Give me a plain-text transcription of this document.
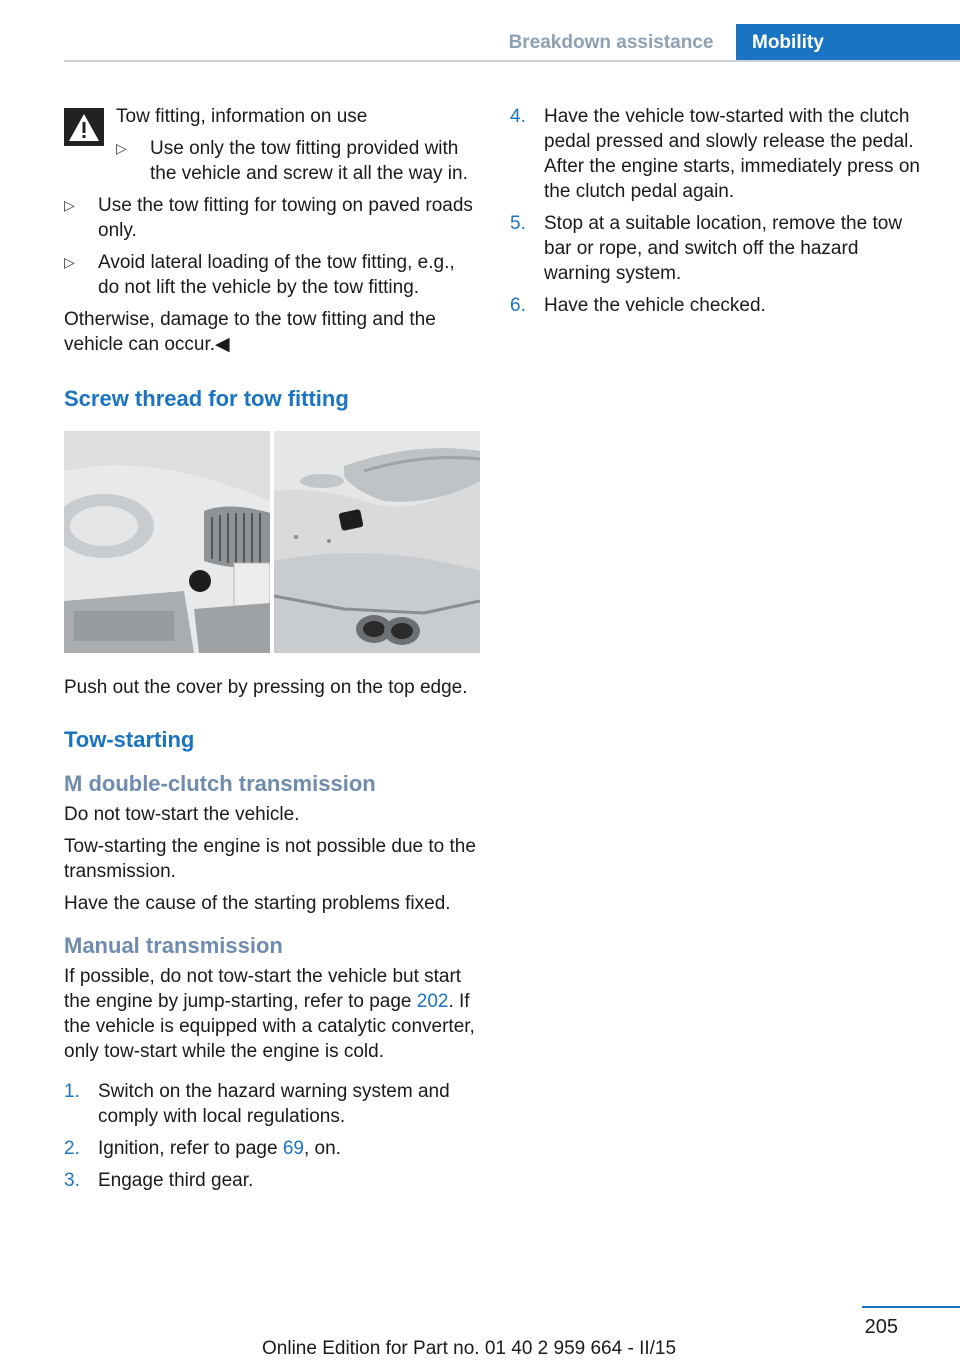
Breakdown assistance	Mobility
Tow fitting, information on use
▷ Use only the tow fitting provided with the vehicle and screw it all the way in.
▷ Use the tow fitting for towing on paved roads only.
▷ Avoid lateral loading of the tow fitting, e.g., do not lift the vehicle by the tow fitting.

Otherwise, damage to the tow fitting and the vehicle can occur.◀

Screw thread for tow fitting

Push out the cover by pressing on the top edge.

Tow-starting
M double-clutch transmission

Do not tow-start the vehicle.

Tow-starting the engine is not possible due to the transmission.

Have the cause of the starting problems fixed.

Manual transmission

If possible, do not tow-start the vehicle but start the engine by jump-starting, refer to page 202. If the vehicle is equipped with a catalytic converter, only tow-start while the engine is cold.

1. Switch on the hazard warning system and comply with local regulations.
2. Ignition, refer to page 69, on.
3. Engage third gear.
4. Have the vehicle tow-started with the clutch pedal pressed and slowly release the pedal. After the engine starts, immediately press on the clutch pedal again.
5. Stop at a suitable location, remove the tow bar or rope, and switch off the hazard warning system.
6. Have the vehicle checked.
205
Online Edition for Part no. 01 40 2 959 664 - II/15
